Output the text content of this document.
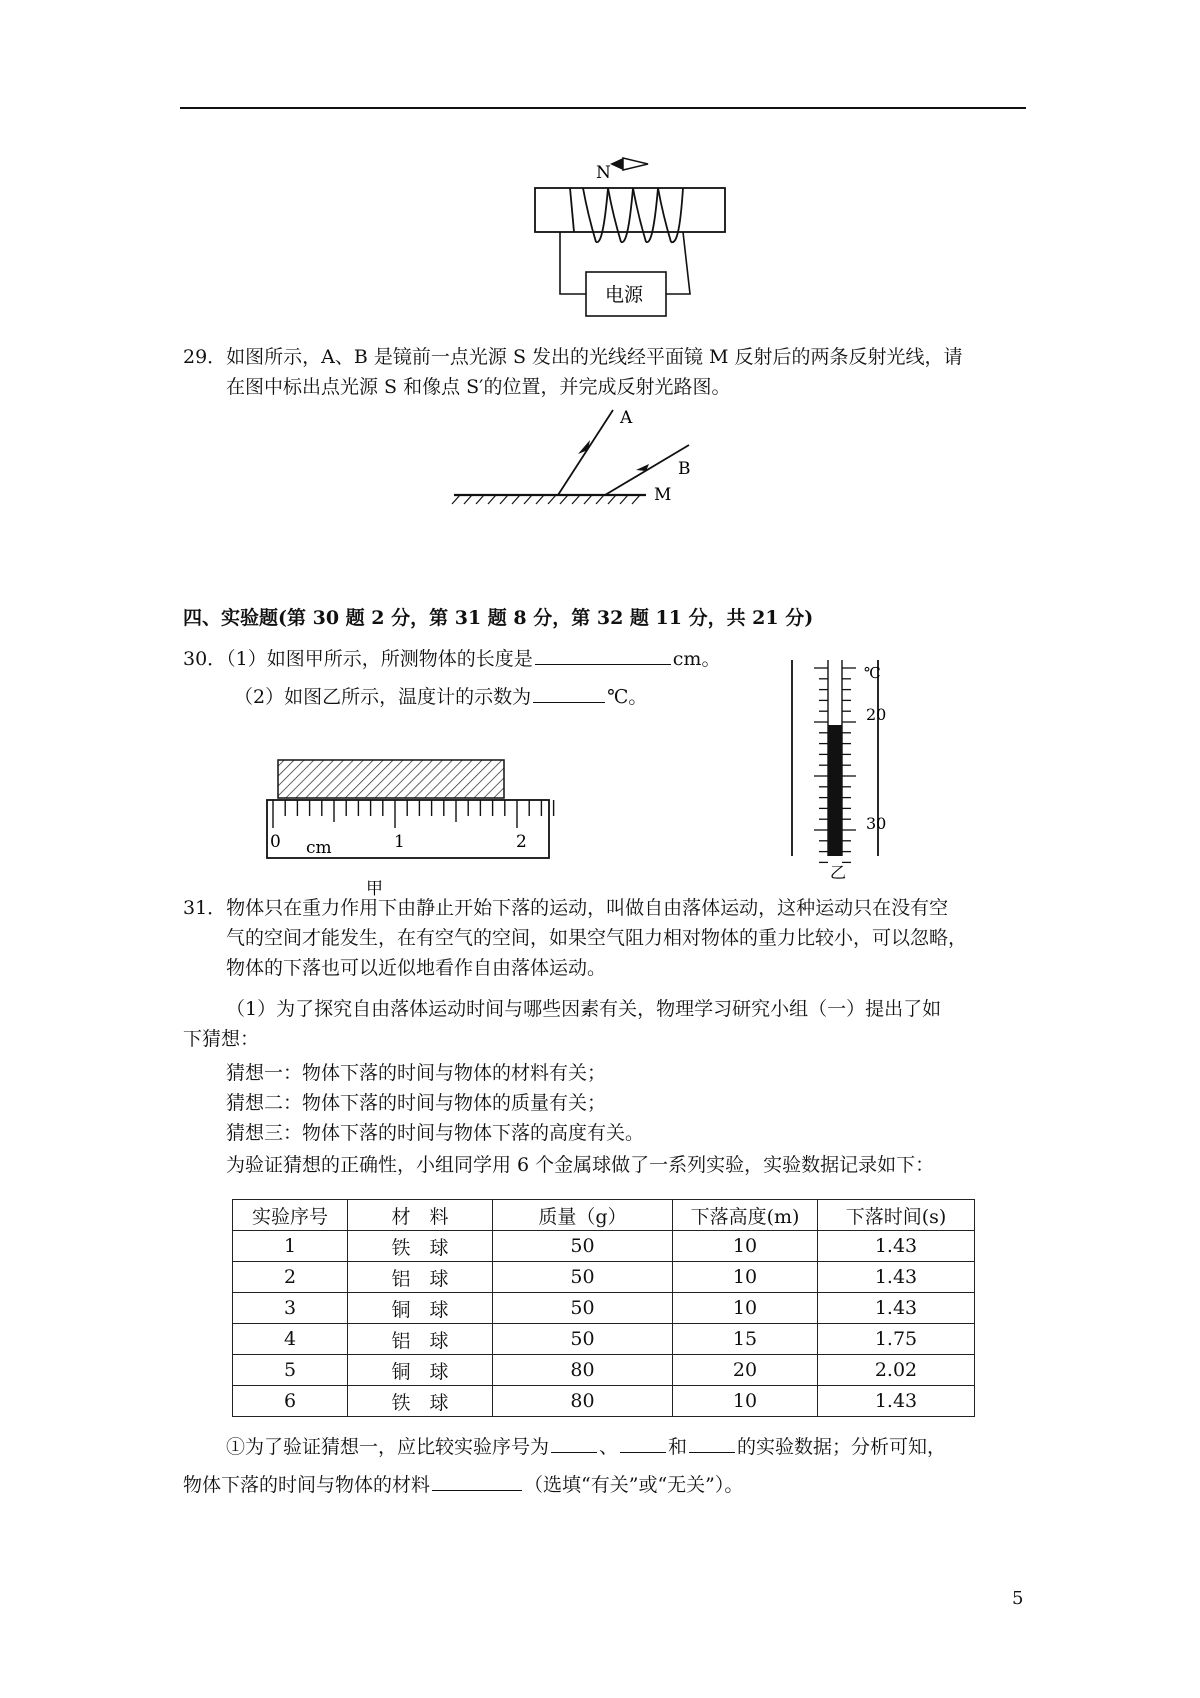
N
电源
29．如图所示，A、B 是镜前一点光源 S 发出的光线经平面镜 M 反射后的两条反射光线，请
在图中标出点光源 S 和像点 S′的位置，并完成反射光路图。
A
B
M
四、实验题(第 30 题 2 分，第 31 题 8 分，第 32 题 11 分，共 21 分)
30．（1）如图甲所示，所测物体的长度是	cm。
（2）如图乙所示，温度计的示数为	℃。
0 cm	1	2
甲
℃
20
30
乙
31．物体只在重力作用下由静止开始下落的运动，叫做自由落体运动，这种运动只在没有空
气的空间才能发生，在有空气的空间，如果空气阻力相对物体的重力比较小，可以忽略，
物体的下落也可以近似地看作自由落体运动。
（1）为了探究自由落体运动时间与哪些因素有关，物理学习研究小组（一）提出了如
下猜想：
猜想一：物体下落的时间与物体的材料有关；
猜想二：物体下落的时间与物体的质量有关；
猜想三：物体下落的时间与物体下落的高度有关。
为验证猜想的正确性，小组同学用 6 个金属球做了一系列实验，实验数据记录如下：
实验序号	材　料	质量（g）	下落高度(m)	下落时间(s)
1	铁　球	50	10	1.43
2	铝　球	50	10	1.43
3	铜　球	50	10	1.43
4	铝　球	50	15	1.75
5	铜　球	80	20	2.02
6	铁　球	80	10	1.43
①为了验证猜想一，应比较实验序号为	、	和	的实验数据；分析可知，
物体下落的时间与物体的材料	（选填“有关”或“无关”）。
5
